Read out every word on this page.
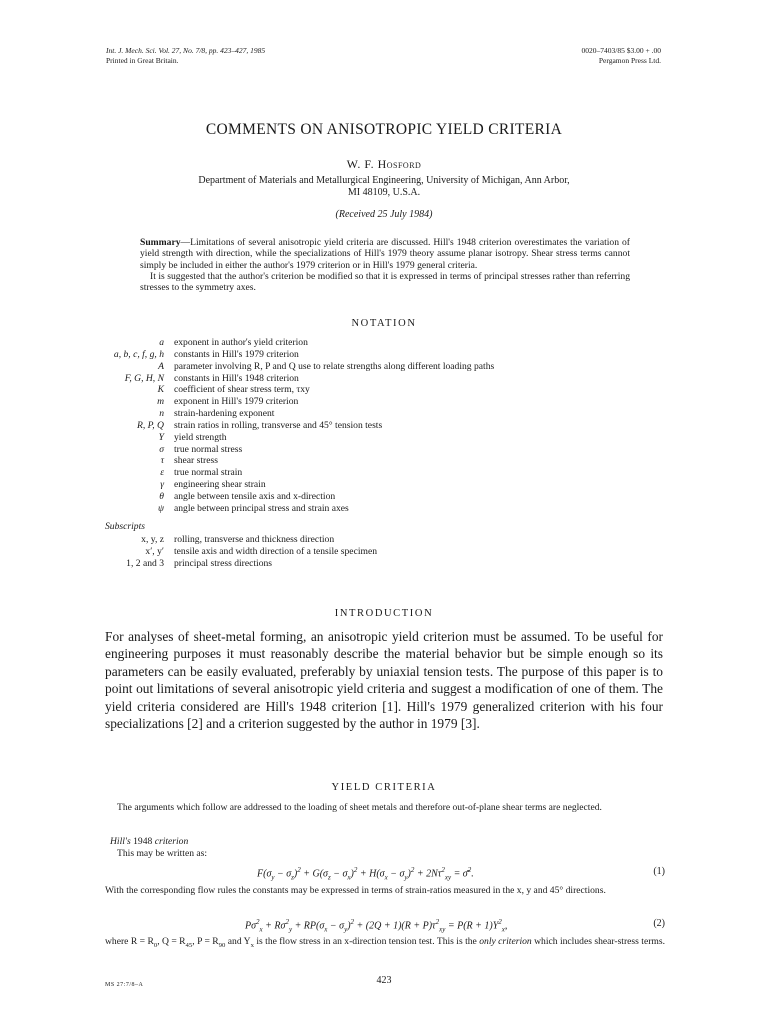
Int. J. Mech. Sci. Vol. 27, No. 7/8, pp. 423–427, 1985
Printed in Great Britain.
0020–7403/85 $3.00 + .00
Pergamon Press Ltd.
COMMENTS ON ANISOTROPIC YIELD CRITERIA
W. F. Hosford
Department of Materials and Metallurgical Engineering, University of Michigan, Ann Arbor,
MI 48109, U.S.A.
(Received 25 July 1984)

Summary—Limitations of several anisotropic yield criteria are discussed. Hill's 1948 criterion overestimates the variation of yield strength with direction, while the specializations of Hill's 1979 theory assume planar isotropy. Shear stress terms cannot simply be included in either the author's 1979 criterion or in Hill's 1979 general criteria.

It is suggested that the author's criterion be modified so that it is expressed in terms of principal stresses rather than referring stresses to the symmetry axes.

NOTATION
a	exponent in author's yield criterion
a, b, c, f, g, h	constants in Hill's 1979 criterion
A	parameter involving R, P and Q use to relate strengths along different loading paths
F, G, H, N	constants in Hill's 1948 criterion
K	coefficient of shear stress term, τxy
m	exponent in Hill's 1979 criterion
n	strain-hardening exponent
R, P, Q	strain ratios in rolling, transverse and 45° tension tests
Y	yield strength
σ	true normal stress
τ	shear stress
ε	true normal strain
γ	engineering shear strain
θ	angle between tensile axis and x-direction
ψ	angle between principal stress and strain axes
Subscripts
x, y, z	rolling, transverse and thickness direction
x′, y′	tensile axis and width direction of a tensile specimen
1, 2 and 3	principal stress directions
INTRODUCTION

For analyses of sheet-metal forming, an anisotropic yield criterion must be assumed. To be useful for engineering purposes it must reasonably describe the material behavior but be simple enough so its parameters can be easily evaluated, preferably by uniaxial tension tests. The purpose of this paper is to point out limitations of several anisotropic yield criteria and suggest a modification of one of them. The yield criteria considered are Hill's 1948 criterion [1]. Hill's 1979 generalized criterion with his four specializations [2] and a criterion suggested by the author in 1979 [3].

YIELD CRITERIA
The arguments which follow are addressed to the loading of sheet metals and therefore out-of-plane shear terms are neglected.
Hill's 1948 criterion
This may be written as:
$F(\sigma_y - \sigma_z)^2 + G(\sigma_z - \sigma_x)^2 + H(\sigma_x - \sigma_y)^2 + 2N\tau^2_{xy}$ = σ̄$^2$.	(1)
With the corresponding flow rules the constants may be expressed in terms of strain-ratios measured in the x, y and 45° directions.
$P\sigma^2_x + R\sigma^2_y + RP(\sigma_x - \sigma_y)^2 + (2Q + 1)(R + P)\tau^2_{xy} = P(R + 1)Y^2_x$,	(2)
where $R = R_0$, $Q = R_{45}$, $P = R_{90}$ and $Y_x$ is the flow stress in an x-direction tension test. This is the only criterion which includes shear-stress terms.
423
MS 27:7/8–A
